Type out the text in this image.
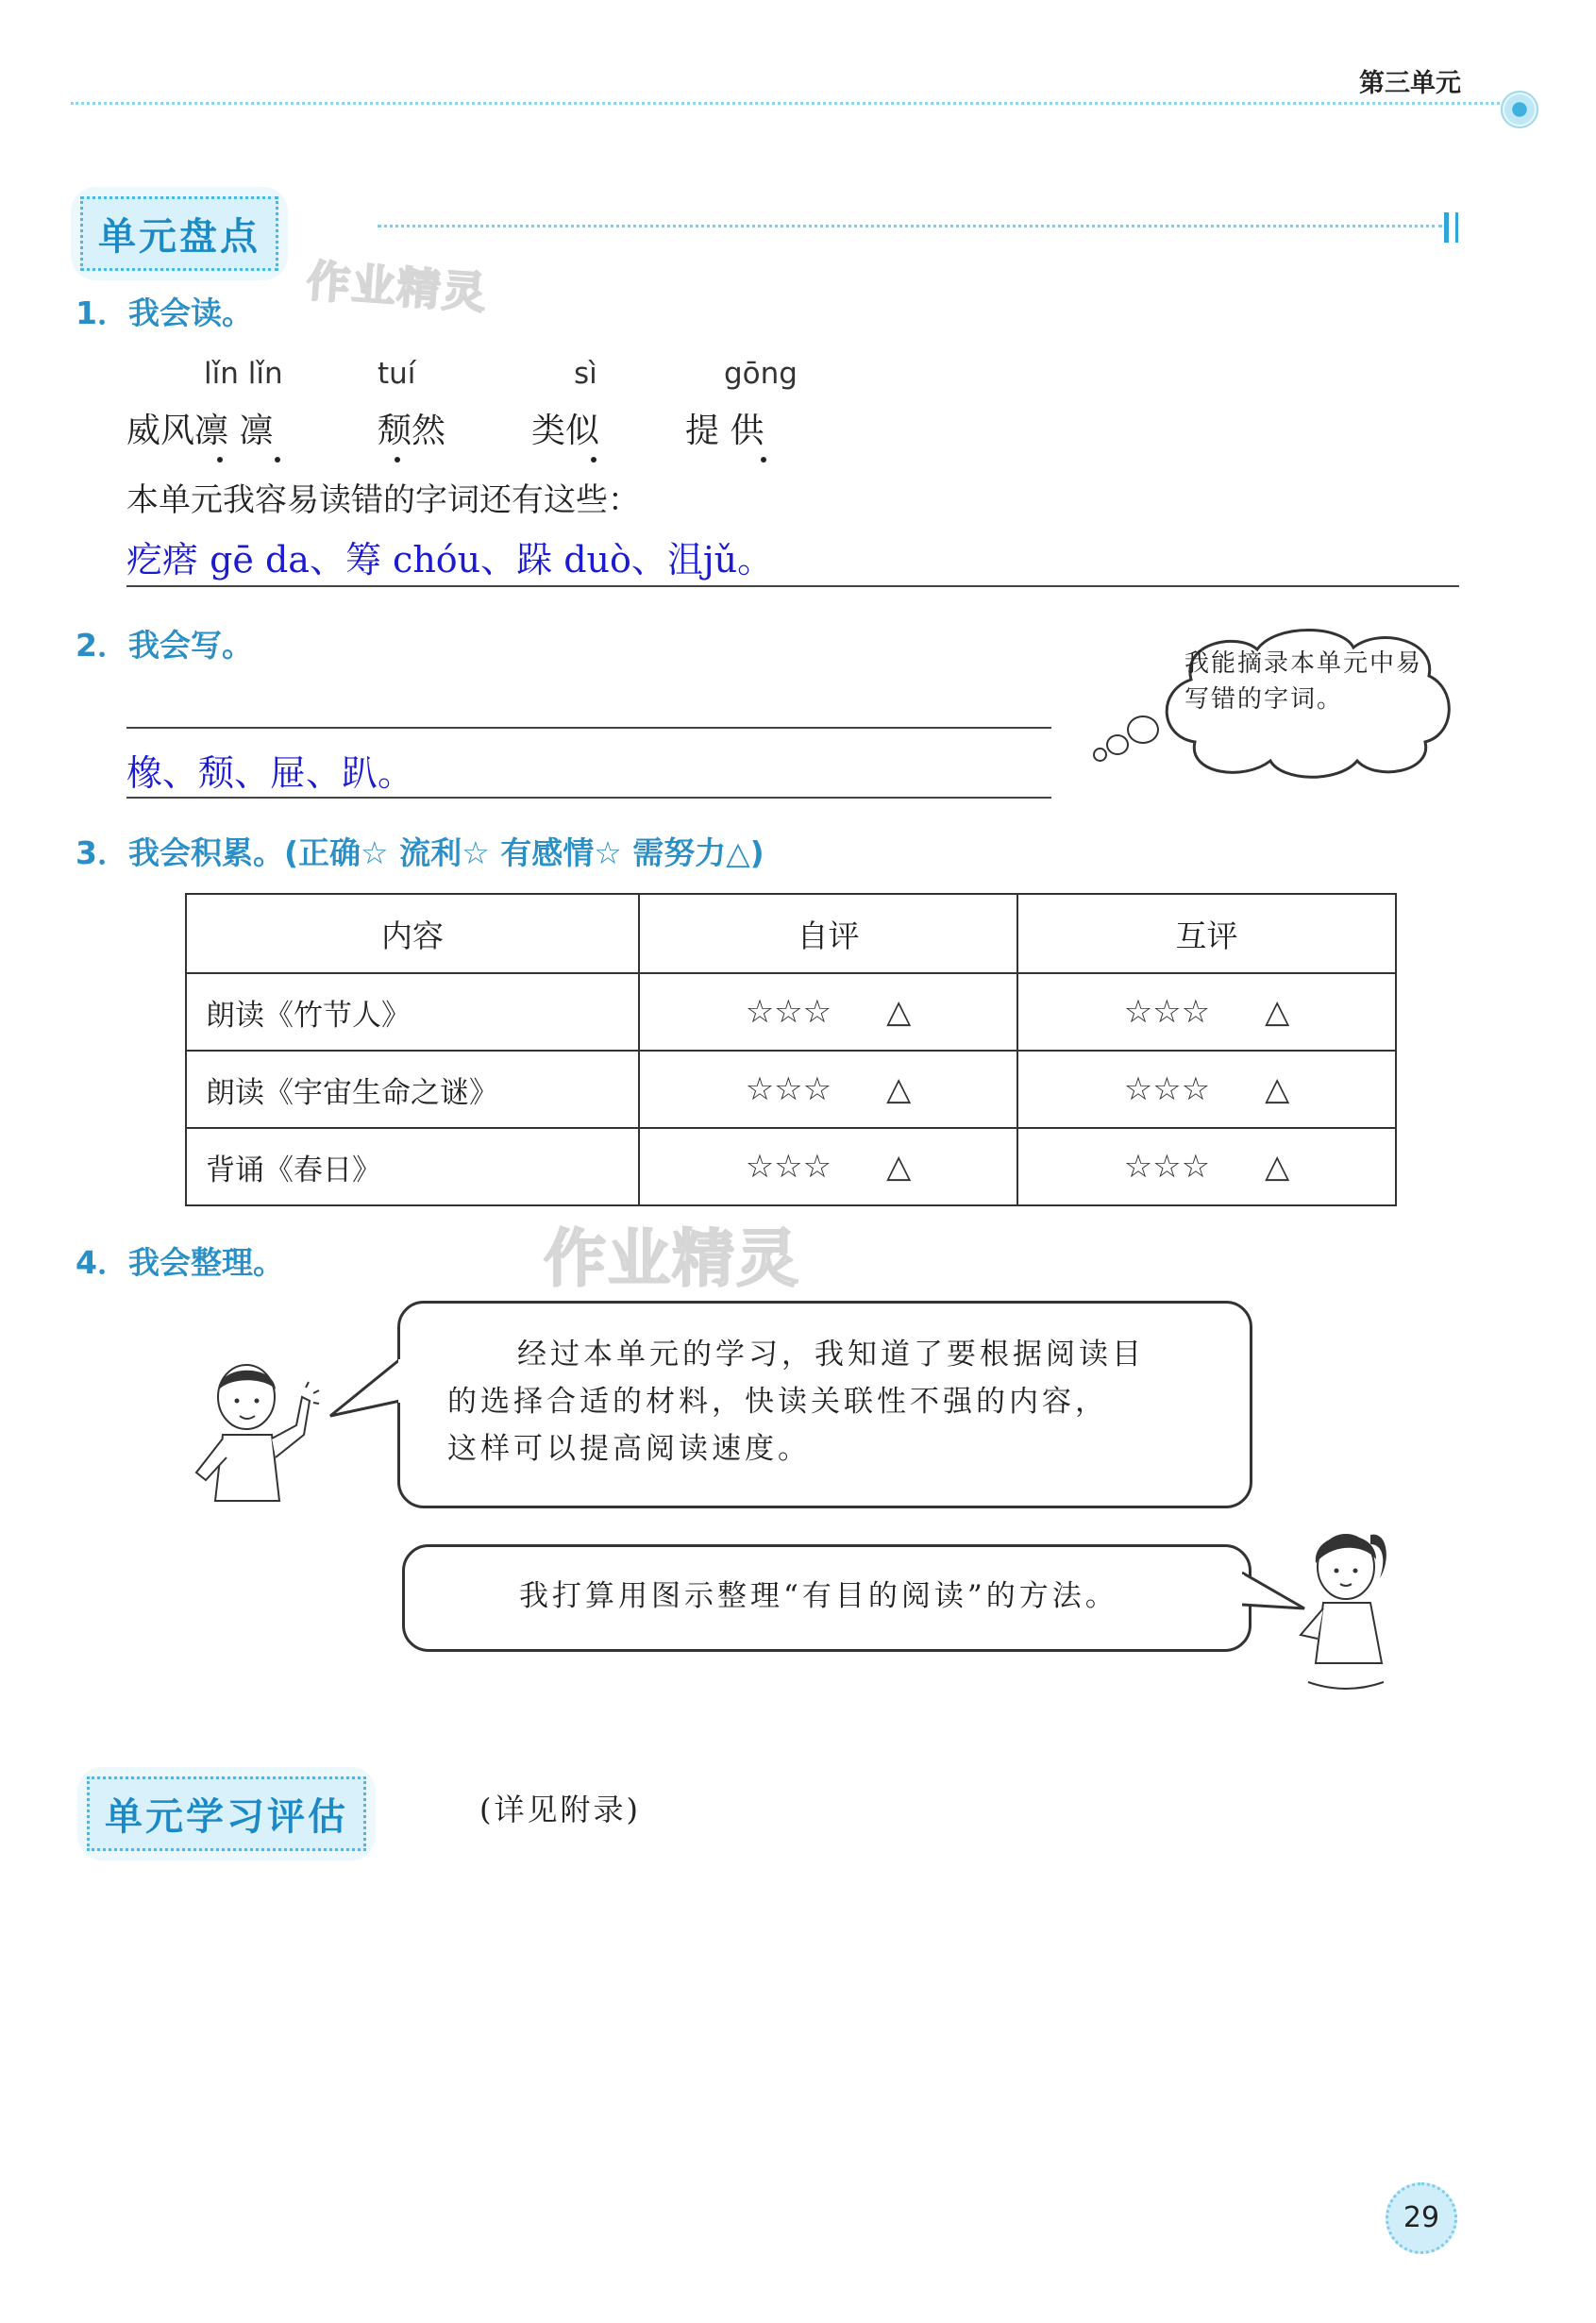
第三单元
单元盘点
作业精灵
1．我会读。
lǐn lǐn	tuí	sì	gōng
威风凛 凛	颓然	类似	提 供
本单元我容易读错的字词还有这些：
疙瘩 gē da、筹 chóu、跺 duò、沮jǔ。
2．我会写。
橡、颓、屉、趴。
我能摘录本单元中易写错的字词。
3．我会积累。(正确☆ 流利☆ 有感情☆ 需努力△)
内容	自评	互评
朗读《竹节人》	☆☆☆ △	☆☆☆ △
朗读《宇宙生命之谜》	☆☆☆ △	☆☆☆ △
背诵《春日》	☆☆☆ △	☆☆☆ △
作业精灵
4．我会整理。
经过本单元的学习，我知道了要根据阅读目
的选择合适的材料，快读关联性不强的内容，
这样可以提高阅读速度。
我打算用图示整理“有目的阅读”的方法。
单元学习评估	(详见附录)
29
